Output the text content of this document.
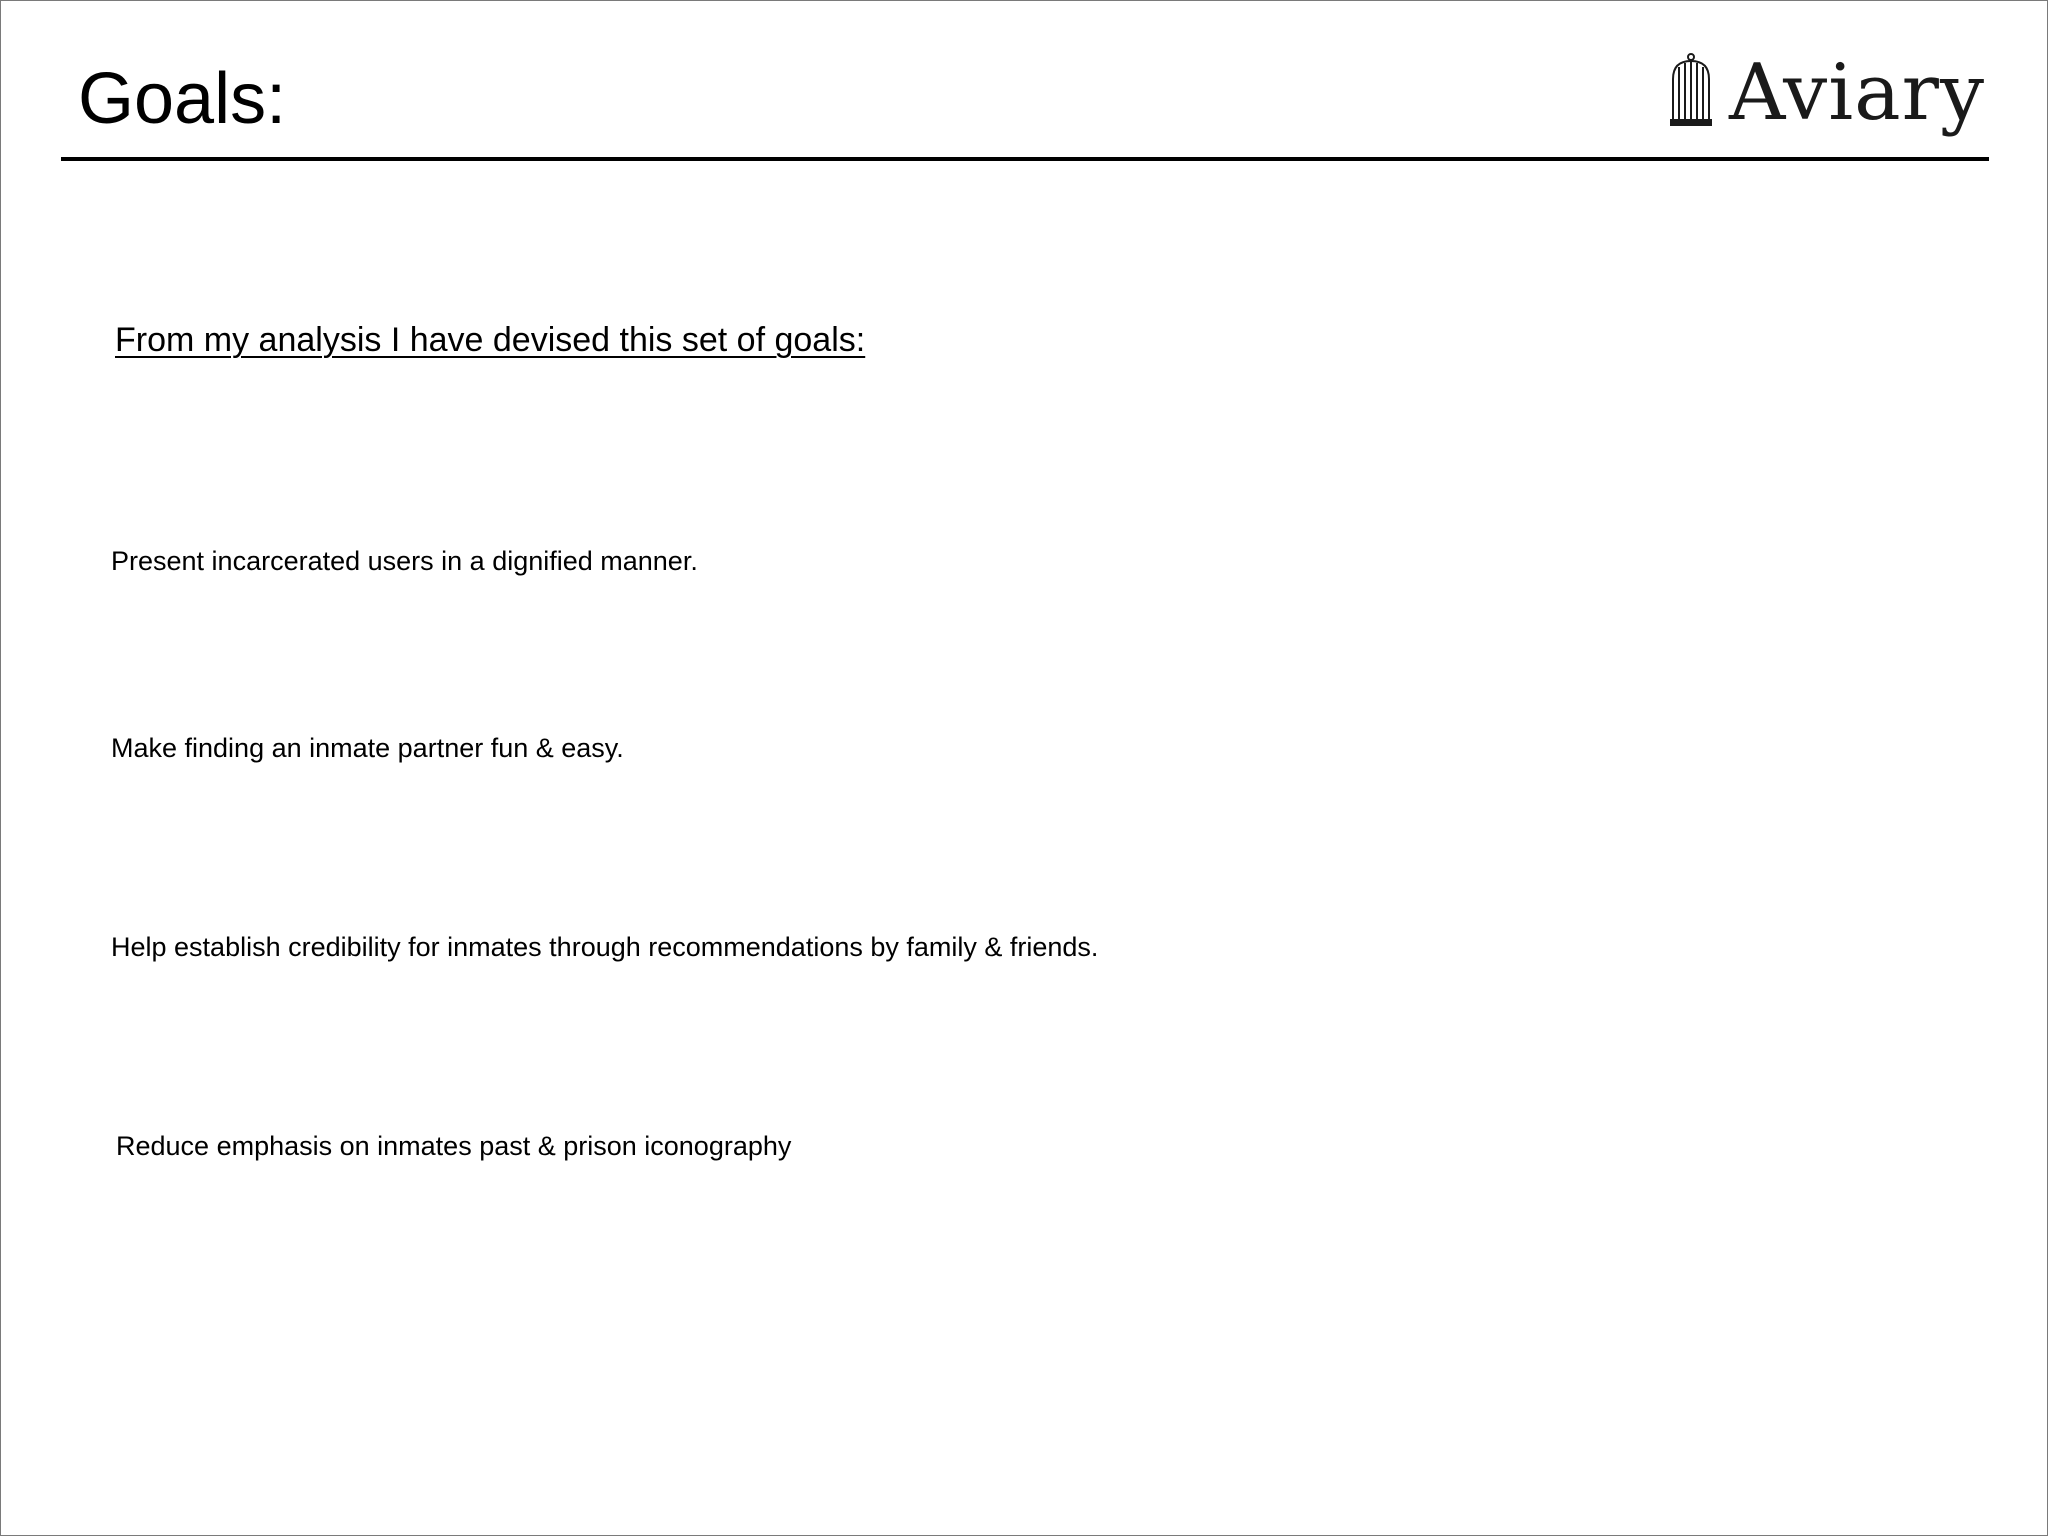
Goals:	Aviary

From my analysis I have devised this set of goals:

Present incarcerated users in a dignified manner.

Make finding an inmate partner fun & easy.

Help establish credibility for inmates through recommendations by family & friends.

Reduce emphasis on inmates past & prison iconography
